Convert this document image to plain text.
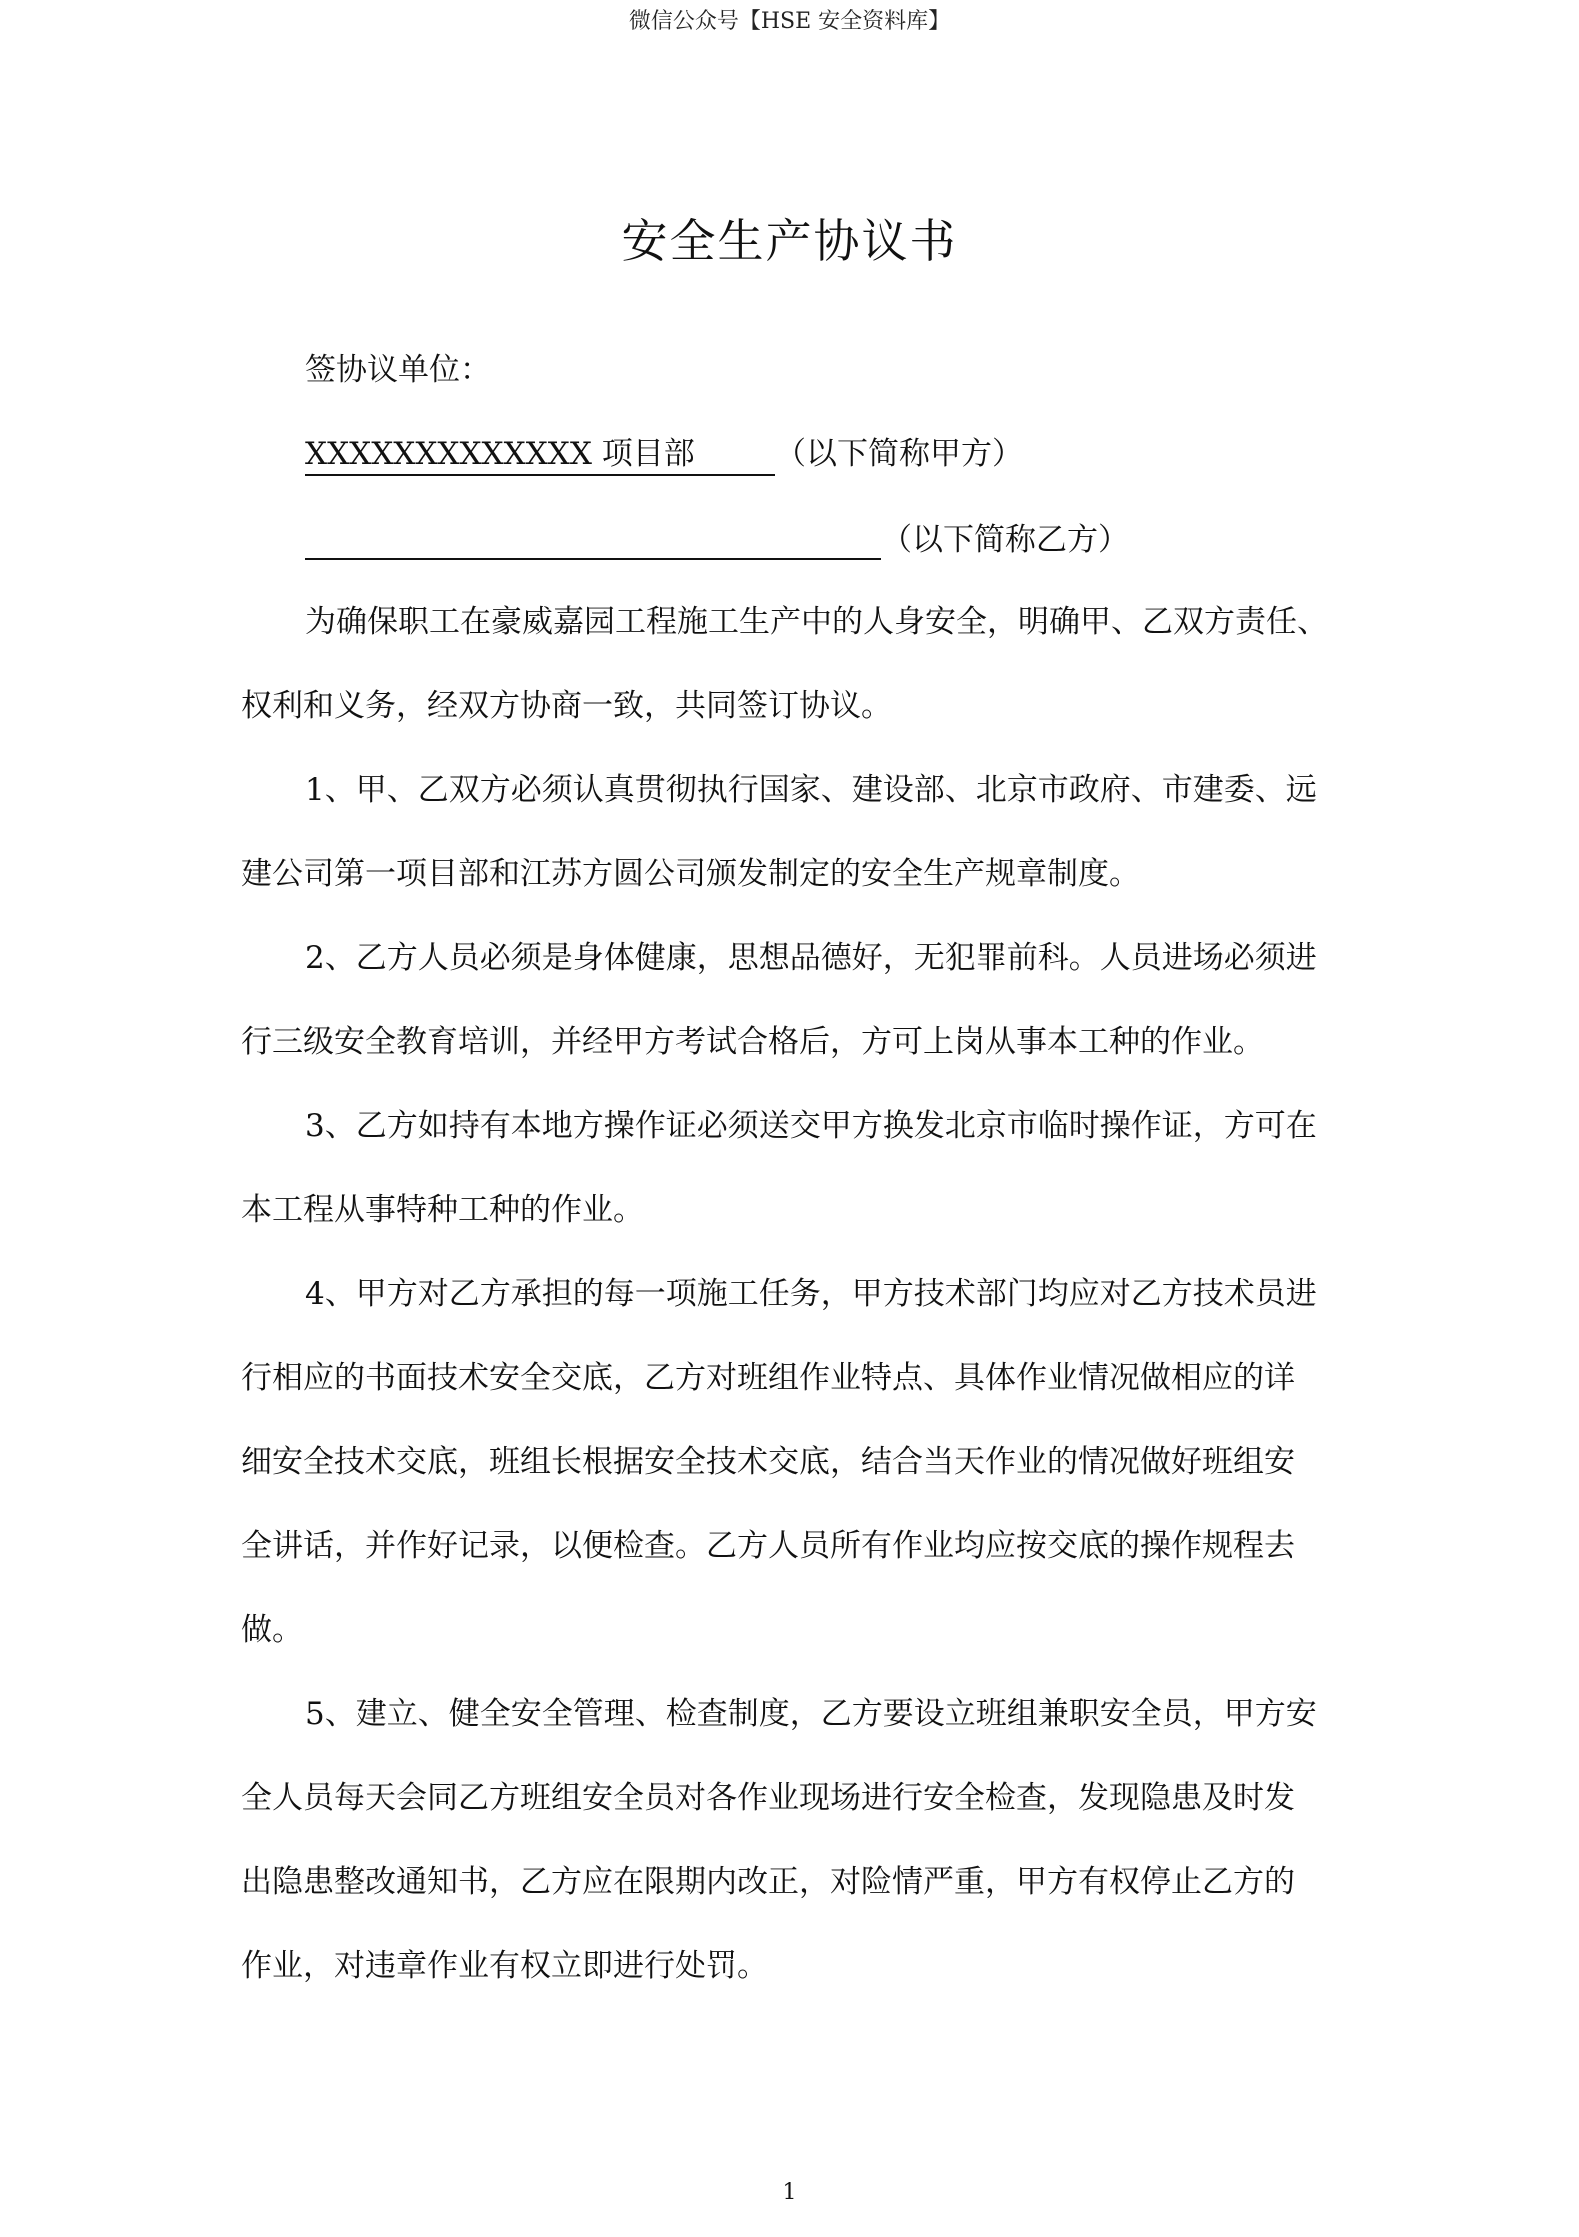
微信公众号【HSE 安全资料库】
安全生产协议书
签协议单位：
XXXXXXXXXXXXX 项目部	（以下简称甲方）
（以下简称乙方）
为确保职工在豪威嘉园工程施工生产中的人身安全，明确甲、乙双方责任、
权利和义务，经双方协商一致，共同签订协议。
1、甲、乙双方必须认真贯彻执行国家、建设部、北京市政府、市建委、远
建公司第一项目部和江苏方圆公司颁发制定的安全生产规章制度。
2、乙方人员必须是身体健康，思想品德好，无犯罪前科。人员进场必须进
行三级安全教育培训，并经甲方考试合格后，方可上岗从事本工种的作业。
3、乙方如持有本地方操作证必须送交甲方换发北京市临时操作证，方可在
本工程从事特种工种的作业。
4、甲方对乙方承担的每一项施工任务，甲方技术部门均应对乙方技术员进
行相应的书面技术安全交底，乙方对班组作业特点、具体作业情况做相应的详
细安全技术交底，班组长根据安全技术交底，结合当天作业的情况做好班组安
全讲话，并作好记录，以便检查。乙方人员所有作业均应按交底的操作规程去
做。
5、建立、健全安全管理、检查制度，乙方要设立班组兼职安全员，甲方安
全人员每天会同乙方班组安全员对各作业现场进行安全检查，发现隐患及时发
出隐患整改通知书，乙方应在限期内改正，对险情严重，甲方有权停止乙方的
作业，对违章作业有权立即进行处罚。
1
